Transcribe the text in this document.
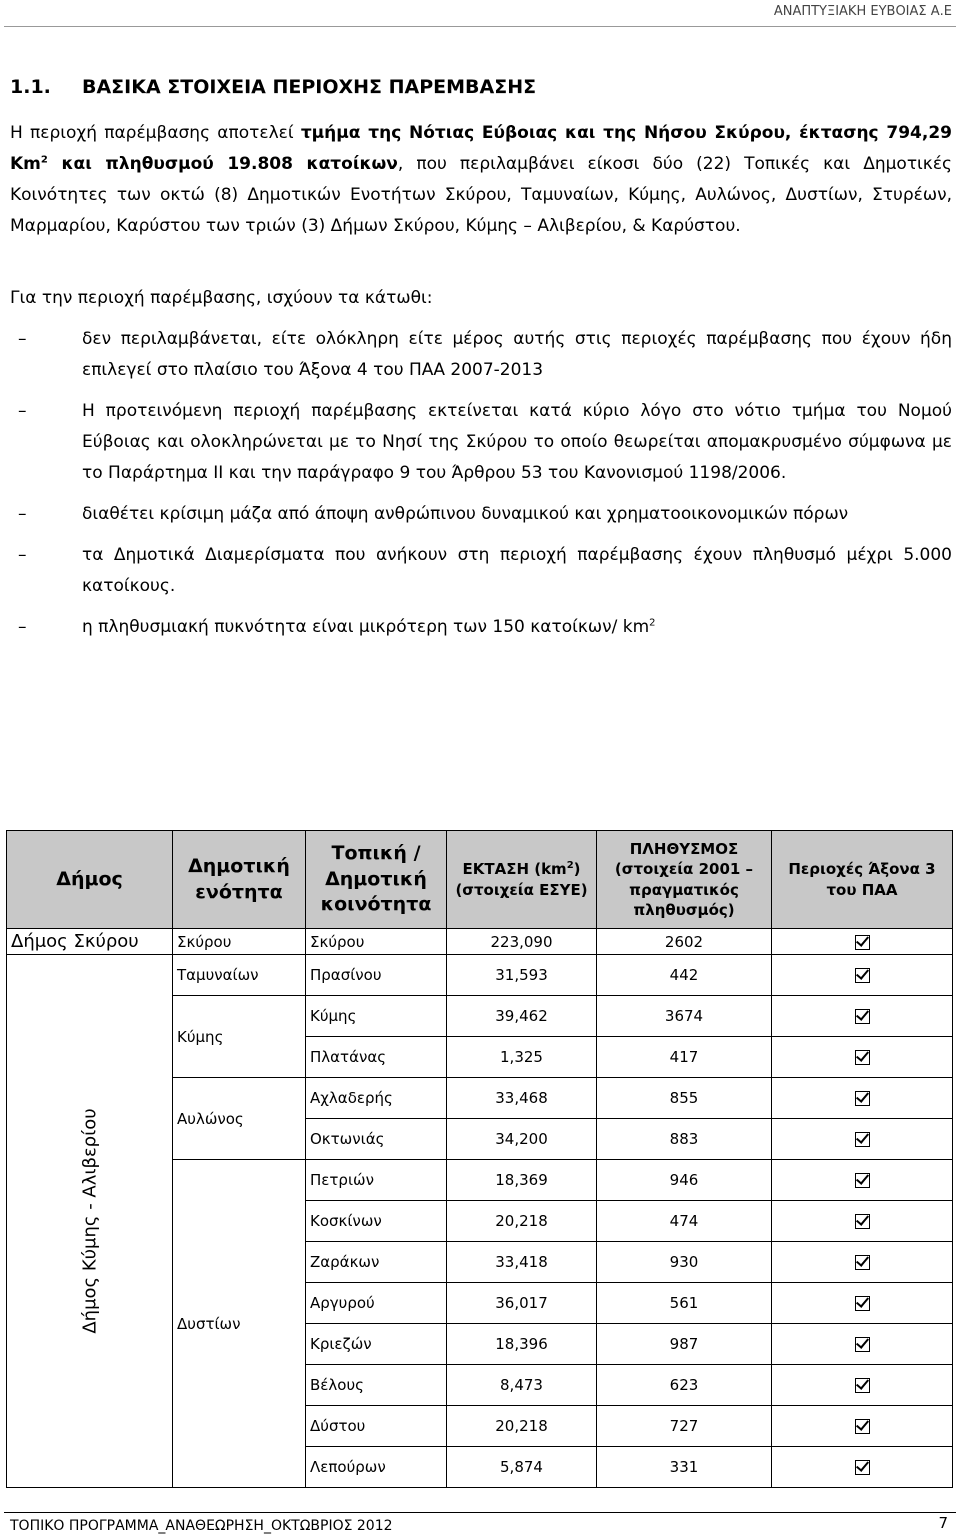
ΑΝΑΠΤΥΞΙΑΚΗ ΕΥΒΟΙΑΣ Α.Ε
1.1. ΒΑΣΙΚΑ ΣΤΟΙΧΕΙΑ ΠΕΡΙΟΧΗΣ ΠΑΡΕΜΒΑΣΗΣ

Η περιοχή παρέμβασης αποτελεί τμήμα της Νότιας Εύβοιας και της Νήσου Σκύρου, έκτασης 794,29 Km$^2$ και πληθυσμού 19.808 κατοίκων, που περιλαμβάνει είκοσι δύο (22) Τοπικές και Δημοτικές Κοινότητες των οκτώ (8) Δημοτικών Ενοτήτων Σκύρου, Ταμυναίων, Κύμης, Αυλώνος, Δυστίων, Στυρέων, Μαρμαρίου, Καρύστου των τριών (3) Δήμων Σκύρου, Κύμης – Αλιβερίου, & Καρύστου.

Για την περιοχή παρέμβασης, ισχύουν τα κάτωθι:

–	δεν περιλαμβάνεται, είτε ολόκληρη είτε μέρος αυτής στις περιοχές παρέμβασης που έχουν ήδη επιλεγεί στο πλαίσιο του Άξονα 4 του ΠΑΑ 2007-2013
–	Η προτεινόμενη περιοχή παρέμβασης εκτείνεται κατά κύριο λόγο στο νότιο τμήμα του Νομού Εύβοιας και ολοκληρώνεται με το Νησί της Σκύρου το οποίο θεωρείται απομακρυσμένο σύμφωνα με το Παράρτημα ΙΙ και την παράγραφο 9 του Άρθρου 53 του Κανονισμού 1198/2006.
–	διαθέτει κρίσιμη μάζα από άποψη ανθρώπινου δυναμικού και χρηματοοικονομικών πόρων
–	τα Δημοτικά Διαμερίσματα που ανήκουν στη περιοχή παρέμβασης έχουν πληθυσμό μέχρι 5.000 κατοίκους.
–	η πληθυσμιακή πυκνότητα είναι μικρότερη των 150 κατοίκων/ $km^2$
Δήμος	Δημοτική ενότητα	Τοπική /Δημοτική κοινότητα	ΕΚΤΑΣΗ $(km^2)$ (στοιχεία ΕΣΥΕ)	ΠΛΗΘΥΣΜΟΣ (στοιχεία 2001 – πραγματικός πληθυσμός)	Περιοχές Άξονα 3 του ΠΑΑ
Δήμος Σκύρου	Σκύρου	Σκύρου	223,090	2602	

Δήμος Κύμης - Αλιβερίου	Ταμυναίων	Πρασίνου	31,593	442	
	Κύμης	Κύμης	39,462	3674	
		Πλατάνας	1,325	417	
	Αυλώνος	Αχλαδερής	33,468	855	
		Οκτωνιάς	34,200	883	
	Δυστίων	Πετριών	18,369	946	
		Κοσκίνων	20,218	474	
		Ζαράκων	33,418	930	
		Αργυρού	36,017	561	
		Κριεζών	18,396	987	
		Βέλους	8,473	623	
		Δύστου	20,218	727	
		Λεπούρων	5,874	331	
ΤΟΠΙΚΟ ΠΡΟΓΡΑΜΜΑ_ΑΝΑΘΕΩΡΗΣΗ_ΟΚΤΩΒΡΙΟΣ 2012	7
